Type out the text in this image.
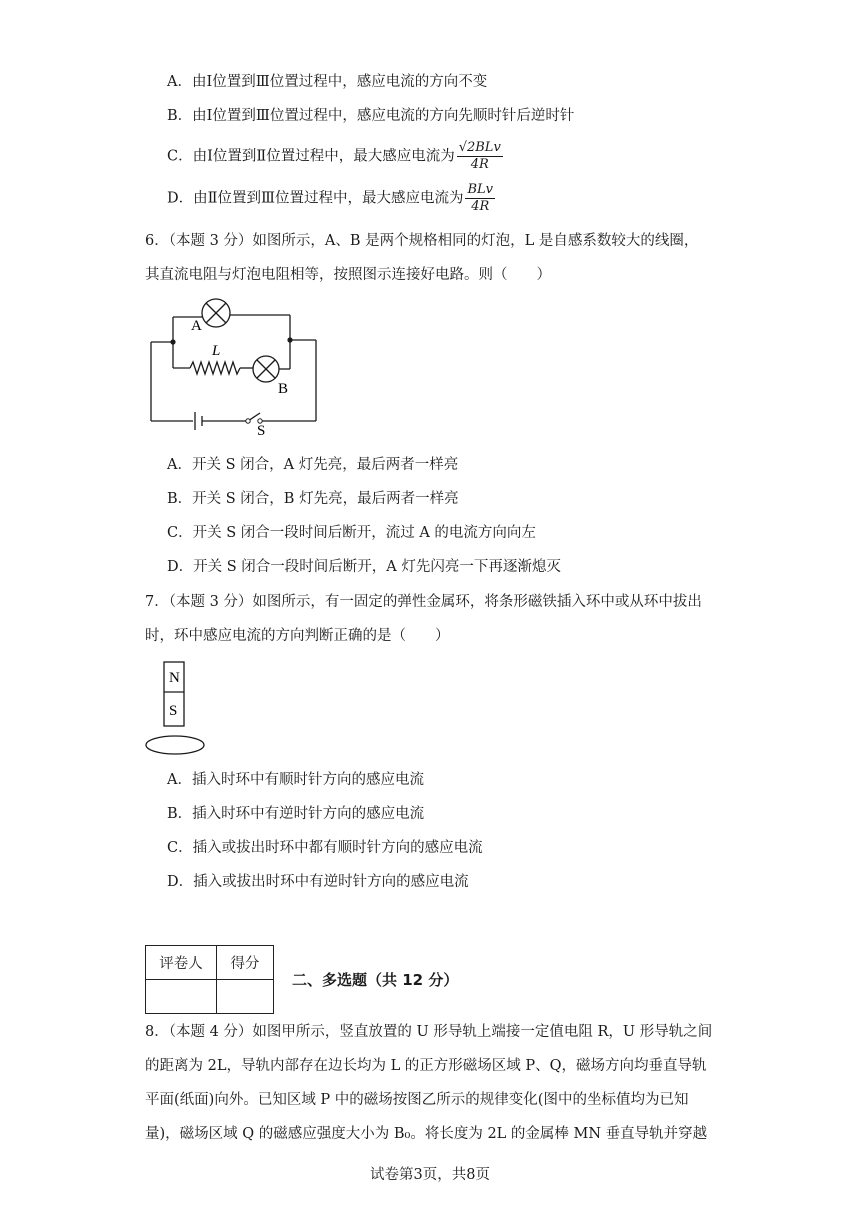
A．由Ⅰ位置到Ⅲ位置过程中，感应电流的方向不变
B．由Ⅰ位置到Ⅲ位置过程中，感应电流的方向先顺时针后逆时针
C．由Ⅰ位置到Ⅱ位置过程中，最大感应电流为 $\frac{\text{√2BLv}}{4R}$
D．由Ⅱ位置到Ⅲ位置过程中，最大感应电流为 $\frac{\text{BLv}}{4R}$
6．（本题 3 分）如图所示，A、B 是两个规格相同的灯泡，L 是自感系数较大的线圈，
其直流电阻与灯泡电阻相等，按照图示连接好电路。则（　　）
A
L
B
S
A．开关 S 闭合，A 灯先亮，最后两者一样亮
B．开关 S 闭合，B 灯先亮，最后两者一样亮
C．开关 S 闭合一段时间后断开，流过 A 的电流方向向左
D．开关 S 闭合一段时间后断开，A 灯先闪亮一下再逐渐熄灭
7．（本题 3 分）如图所示，有一固定的弹性金属环，将条形磁铁插入环中或从环中拔出
时，环中感应电流的方向判断正确的是（　　）
N
S
A．插入时环中有顺时针方向的感应电流
B．插入时环中有逆时针方向的感应电流
C．插入或拔出时环中都有顺时针方向的感应电流
D．插入或拔出时环中有逆时针方向的感应电流
评卷人	得分

二、多选题（共 12 分）
8．（本题 4 分）如图甲所示，竖直放置的 U 形导轨上端接一定值电阻 R，U 形导轨之间
的距离为 2L，导轨内部存在边长均为 L 的正方形磁场区域 P、Q，磁场方向均垂直导轨
平面(纸面)向外。已知区域 P 中的磁场按图乙所示的规律变化(图中的坐标值均为已知
量)，磁场区域 Q 的磁感应强度大小为 B₀。将长度为 2L 的金属棒 MN 垂直导轨并穿越
试卷第3页，共8页
